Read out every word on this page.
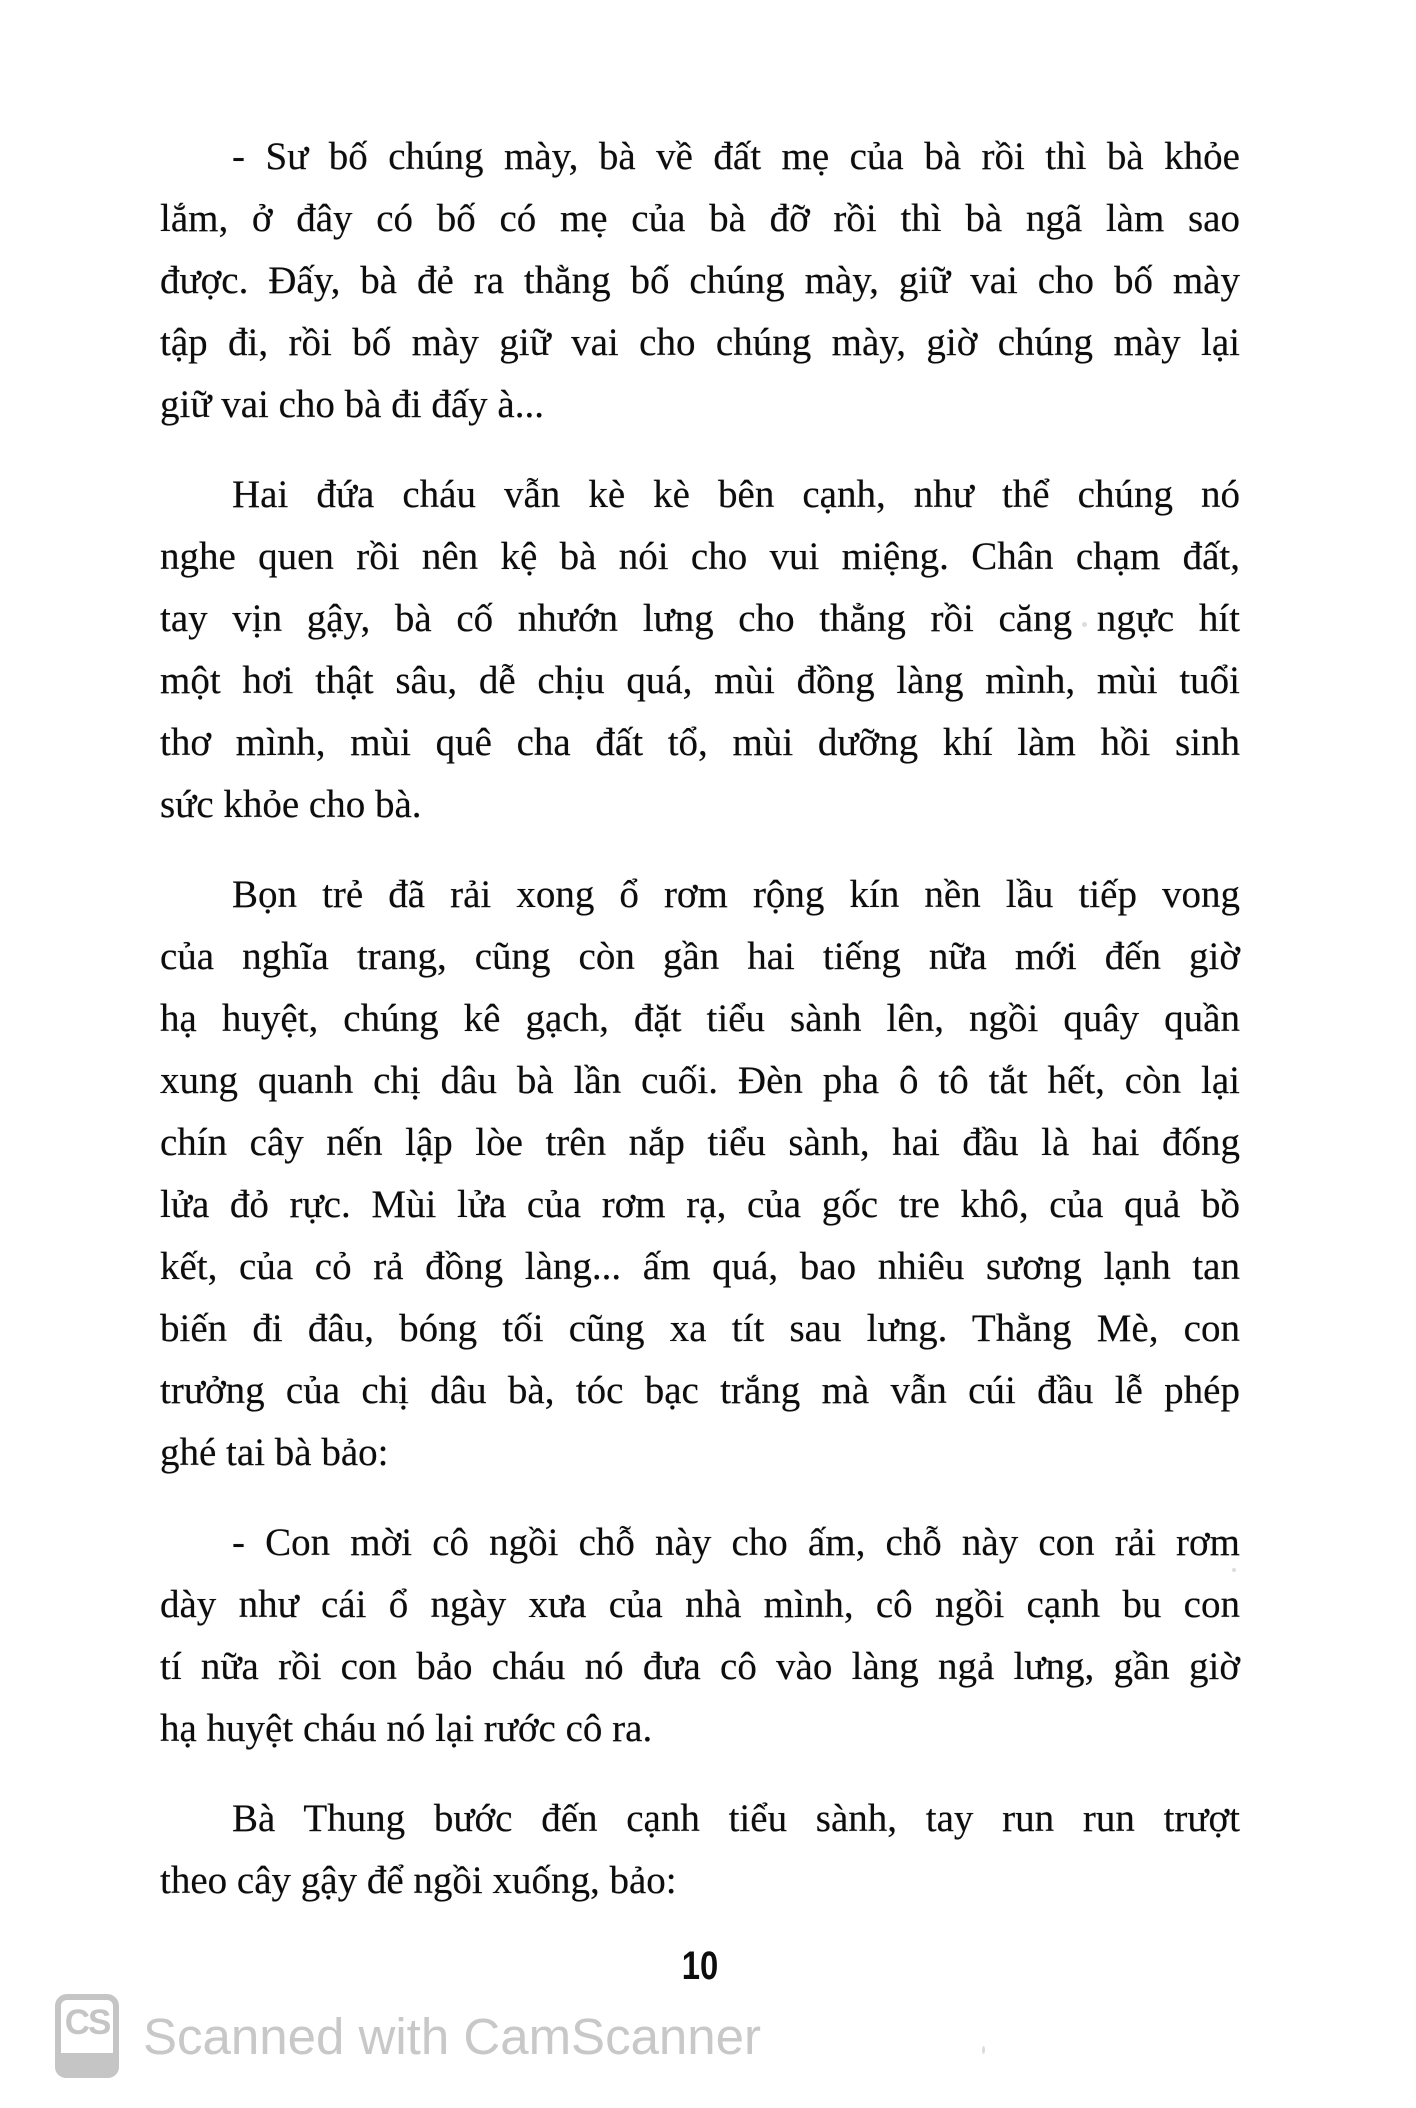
- Sư bố chúng mày, bà về đất mẹ của bà rồi thì bà khỏe
lắm, ở đây có bố có mẹ của bà đỡ rồi thì bà ngã làm sao
được. Đấy, bà đẻ ra thằng bố chúng mày, giữ vai cho bố mày
tập đi, rồi bố mày giữ vai cho chúng mày, giờ chúng mày lại
giữ vai cho bà đi đấy à...
Hai đứa cháu vẫn kè kè bên cạnh, như thể chúng nó
nghe quen rồi nên kệ bà nói cho vui miệng. Chân chạm đất,
tay vịn gậy, bà cố nhướn lưng cho thẳng rồi căng ngực hít
một hơi thật sâu, dễ chịu quá, mùi đồng làng mình, mùi tuổi
thơ mình, mùi quê cha đất tổ, mùi dưỡng khí làm hồi sinh
sức khỏe cho bà.
Bọn trẻ đã rải xong ổ rơm rộng kín nền lầu tiếp vong
của nghĩa trang, cũng còn gần hai tiếng nữa mới đến giờ
hạ huyệt, chúng kê gạch, đặt tiểu sành lên, ngồi quây quần
xung quanh chị dâu bà lần cuối. Đèn pha ô tô tắt hết, còn lại
chín cây nến lập lòe trên nắp tiểu sành, hai đầu là hai đống
lửa đỏ rực. Mùi lửa của rơm rạ, của gốc tre khô, của quả bồ
kết, của cỏ rả đồng làng... ấm quá, bao nhiêu sương lạnh tan
biến đi đâu, bóng tối cũng xa tít sau lưng. Thằng Mè, con
trưởng của chị dâu bà, tóc bạc trắng mà vẫn cúi đầu lễ phép
ghé tai bà bảo:
- Con mời cô ngồi chỗ này cho ấm, chỗ này con rải rơm
dày như cái ổ ngày xưa của nhà mình, cô ngồi cạnh bu con
tí nữa rồi con bảo cháu nó đưa cô vào làng ngả lưng, gần giờ
hạ huyệt cháu nó lại rước cô ra.
Bà Thung bước đến cạnh tiểu sành, tay run run trượt
theo cây gậy để ngồi xuống, bảo:
10
CS Scanned with CamScanner
